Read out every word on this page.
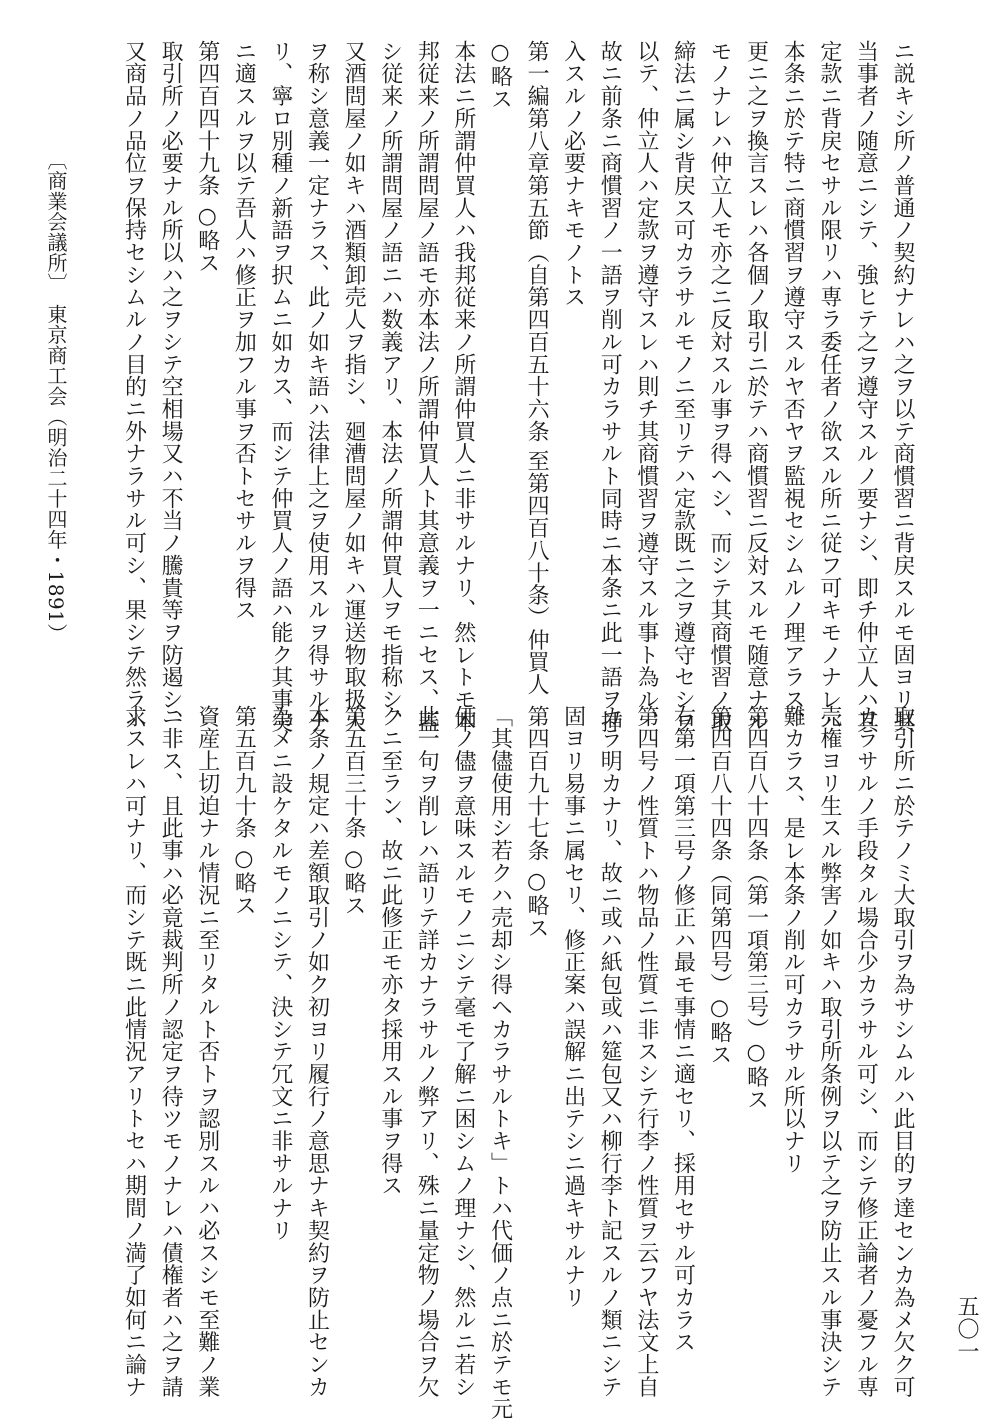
ニ説キシ所ノ普通ノ契約ナレハ之ヲ以テ商慣習ニ背戻スルモ固ヨリ其
当事者ノ随意ニシテ、強ヒテ之ヲ遵守スルノ要ナシ、即チ仲立人ハ其
定款ニ背戻セサル限リハ専ラ委任者ノ欲スル所ニ従フ可キモノナレハ
本条ニ於テ特ニ商慣習ヲ遵守スルヤ否ヤヲ監視セシムルノ理アラス、
更ニ之ヲ換言スレハ各個ノ取引ニ於テハ商慣習ニ反対スルモ随意ナル
モノナレハ仲立人モ亦之ニ反対スル事ヲ得ヘシ、而シテ其商慣習ノ取
締法ニ属シ背戻ス可カラサルモノニ至リテハ定款既ニ之ヲ遵守セシヲ
以テ、仲立人ハ定款ヲ遵守スレハ則チ其商慣習ヲ遵守スル事ト為ル、
故ニ前条ニ商慣習ノ一語ヲ削ル可カラサルト同時ニ本条ニ此一語ヲ挿
入スルノ必要ナキモノトス
第一編第八章第五節（自第四百五十六条 至第四百八十条）仲買人
○略ス
本法ニ所謂仲買人ハ我邦従来ノ所謂仲買人ニ非サルナリ、然レトモ本
邦従来ノ所謂問屋ノ語モ亦本法ノ所謂仲買人ト其意義ヲ一ニセス、蓋
シ従来ノ所謂問屋ノ語ニハ数義アリ、本法ノ所謂仲買人ヲモ指称シ、
又酒問屋ノ如キハ酒類卸売人ヲ指シ、廻漕問屋ノ如キハ運送物取扱人
ヲ称シ意義一定ナラス、此ノ如キ語ハ法律上之ヲ使用スルヲ得サルナ
リ、寧ロ別種ノ新語ヲ択ムニ如カス、而シテ仲買人ノ語ハ能ク其事実
ニ適スルヲ以テ吾人ハ修正ヲ加フル事ヲ否トセサルヲ得ス
第四百四十九条 ○略ス
取引所ノ必要ナル所以ハ之ヲシテ空相場又ハ不当ノ騰貴等ヲ防遏シ、
又商品ノ品位ヲ保持セシムルノ目的ニ外ナラサル可シ、果シテ然ラハ
取引所ニ於テノミ大取引ヲ為サシムルハ此目的ヲ達センカ為メ欠ク可
カラサルノ手段タル場合少カラサル可シ、而シテ修正論者ノ憂フル専
売権ヨリ生スル弊害ノ如キハ取引所条例ヲ以テ之ヲ防止スル事決シテ
難カラス、是レ本条ノ削ル可カラサル所以ナリ
第四百八十四条（第一項第三号）○略ス
第四百八十四条（同第四号）○略ス
右第一項第三号ノ修正ハ最モ事情ニ適セリ、採用セサル可カラス
第四号ノ性質トハ物品ノ性質ニ非スシテ行李ノ性質ヲ云フヤ法文上自
カラ明カナリ、故ニ或ハ紙包或ハ筵包又ハ柳行李ト記スルノ類ニシテ
固ヨリ易事ニ属セリ、修正案ハ誤解ニ出テシニ過キサルナリ
第四百九十七条 ○略ス
「其儘使用シ若クハ売却シ得ヘカラサルトキ」トハ代価ノ点ニ於テモ元
価ノ儘ヲ意味スルモノニシテ毫モ了解ニ困シムノ理ナシ、然ルニ若シ
此一句ヲ削レハ語リテ詳カナラサルノ弊アリ、殊ニ量定物ノ場合ヲ欠
クニ至ラン、故ニ此修正モ亦タ採用スル事ヲ得ス
第五百三十条 ○略ス
本条ノ規定ハ差額取引ノ如ク初ヨリ履行ノ意思ナキ契約ヲ防止センカ
為メニ設ケタルモノニシテ、決シテ冗文ニ非サルナリ
第五百九十条 ○略ス
資産上切迫ナル情況ニ至リタルト否トヲ認別スルハ必スシモ至難ノ業
ニ非ス、且此事ハ必竟裁判所ノ認定ヲ待ツモノナレハ債権者ハ之ヲ請
求スレハ可ナリ、而シテ既ニ此情況アリトセハ期間ノ満了如何ニ論ナ
〔商業会議所〕　東京商工会（明治二十四年・1891）
五〇一
